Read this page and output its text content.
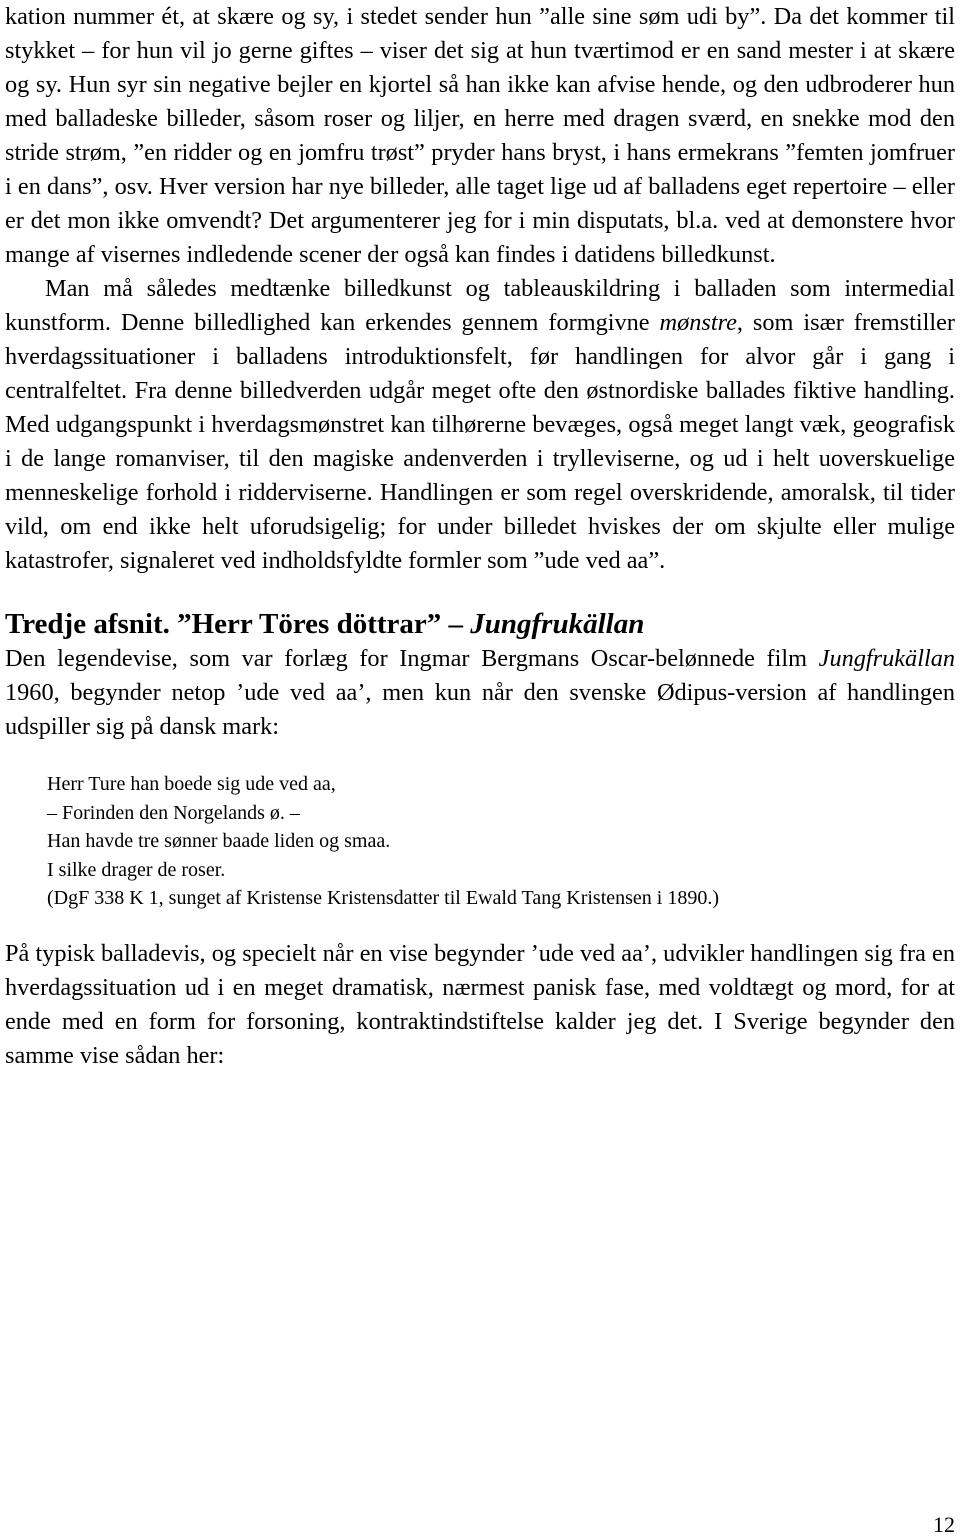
kation nummer ét, at skære og sy, i stedet sender hun ”alle sine søm udi by”. Da det kommer til stykket – for hun vil jo gerne giftes – viser det sig at hun tværtimod er en sand mester i at skære og sy. Hun syr sin negative bejler en kjortel så han ikke kan afvise hende, og den udbroderer hun med balladeske billeder, såsom roser og liljer, en herre med dragen sværd, en snekke mod den stride strøm, ”en ridder og en jomfru trøst” pryder hans bryst, i hans ermekrans ”femten jomfruer i en dans”, osv. Hver version har nye billeder, alle taget lige ud af balladens eget repertoire – eller er det mon ikke omvendt? Det argumenterer jeg for i min disputats, bl.a. ved at demonstere hvor mange af visernes indledende scener der også kan findes i datidens billedkunst.

Man må således medtænke billedkunst og tableauskildring i balladen som intermedial kunstform. Denne billedlighed kan erkendes gennem formgivne mønstre, som især fremstiller hverdagssituationer i balladens introduktionsfelt, før handlingen for alvor går i gang i centralfeltet. Fra denne billedverden udgår meget ofte den østnordiske ballades fiktive handling. Med udgangspunkt i hverdagsmønstret kan tilhørerne bevæges, også meget langt væk, geografisk i de lange romanviser, til den magiske andenverden i trylleviserne, og ud i helt uoverskuelige menneskelige forhold i ridderviserne. Handlingen er som regel overskridende, amoralsk, til tider vild, om end ikke helt uforudsigelig; for under billedet hviskes der om skjulte eller mulige katastrofer, signaleret ved indholdsfyldte formler som ”ude ved aa”.

Tredje afsnit. ”Herr Töres döttrar” – Jungfrukällan

Den legendevise, som var forlæg for Ingmar Bergmans Oscar-belønnede film Jungfrukällan 1960, begynder netop ’ude ved aa’, men kun når den svenske Ødipus-version af handlingen udspiller sig på dansk mark:

Herr Ture han boede sig ude ved aa,
– Forinden den Norgelands ø. –
Han havde tre sønner baade liden og smaa.
I silke drager de roser.
(DgF 338 K 1, sunget af Kristense Kristensdatter til Ewald Tang Kristensen i 1890.)

På typisk balladevis, og specielt når en vise begynder ’ude ved aa’, udvikler handlingen sig fra en hverdagssituation ud i en meget dramatisk, nærmest panisk fase, med voldtægt og mord, for at ende med en form for forsoning, kontraktindstiftelse kalder jeg det. I Sverige begynder den samme vise sådan her:

12
